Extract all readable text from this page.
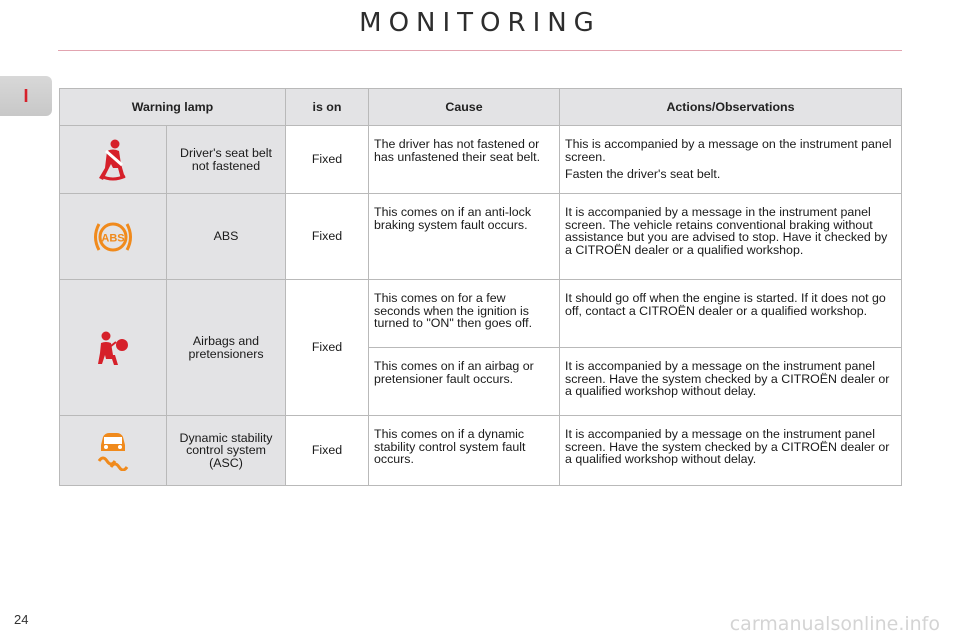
MONITORING
I
Warning lamp		is on	Cause	Actions/Observations

	Driver's seat belt not fastened	Fixed	The driver has not fastened or has unfastened their seat belt.	This is accompanied by a message on the instrument panel screen.

Fasten the driver's seat belt.

ABS	ABS	Fixed	This comes on if an anti-lock braking system fault occurs.	It is accompanied by a message in the instrument panel screen. The vehicle retains conventional braking without assistance but you are advised to stop. Have it checked by a CITROËN dealer or a qualified workshop.

	Airbags and pretensioners	Fixed	This comes on for a few seconds when the ignition is turned to "ON" then goes off.	It should go off when the engine is started. If it does not go off, contact a CITROËN dealer or a qualified workshop.

			This comes on if an airbag or pretensioner fault occurs.	It is accompanied by a message on the instrument panel screen. Have the system checked by a CITROËN dealer or a qualified workshop without delay.

	Dynamic stability control system (ASC)	Fixed	This comes on if a dynamic stability control system fault occurs.	It is accompanied by a message on the instrument panel screen. Have the system checked by a CITROËN dealer or a qualified workshop without delay.

24	carmanualsonline.info
